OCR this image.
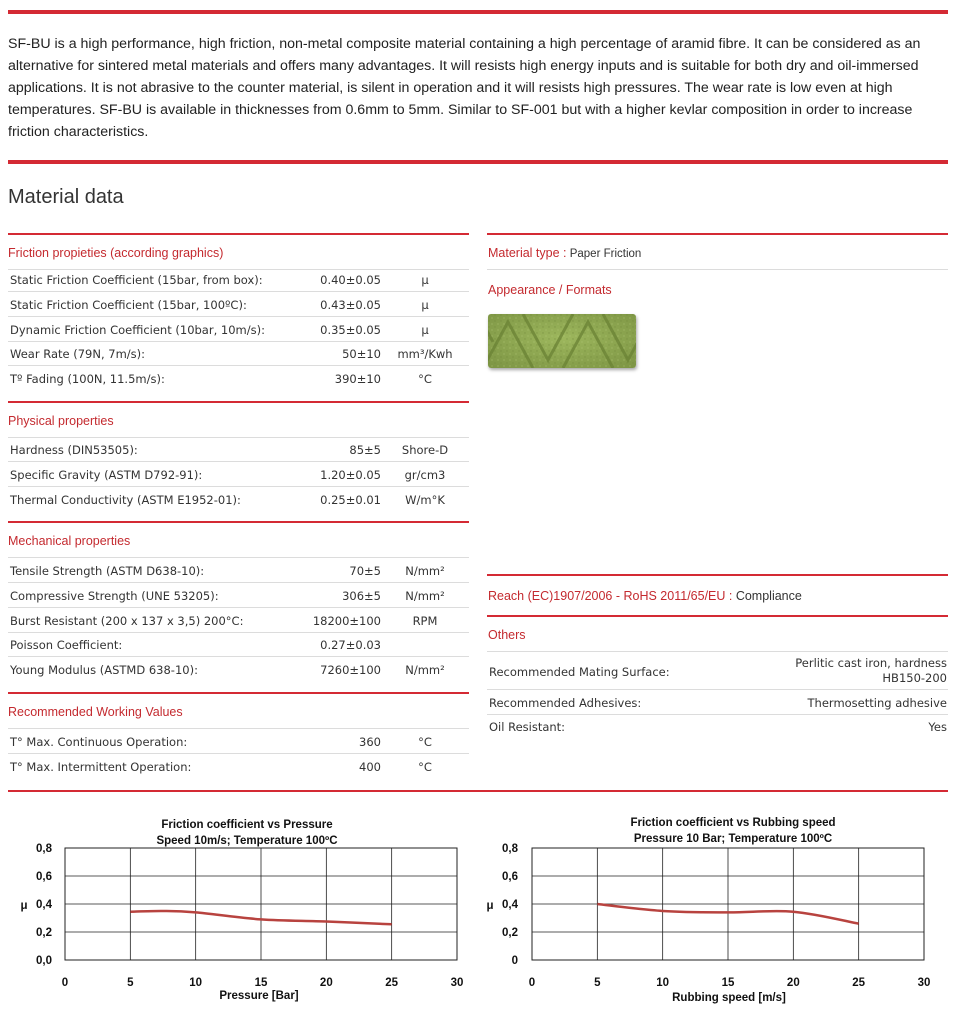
SF-BU is a high performance, high friction, non-metal composite material containing a high percentage of aramid fibre. It can be considered as an alternative for sintered metal materials and offers many advantages. It will resists high energy inputs and is suitable for both dry and oil-immersed applications. It is not abrasive to the counter material, is silent in operation and it will resists high pressures. The wear rate is low even at high temperatures. SF-BU is available in thicknesses from 0.6mm to 5mm. Similar to SF-001 but with a higher kevlar composition in order to increase friction characteristics.

Material data
Friction propieties (according graphics)
Static Friction Coefficient (15bar, from box):	0.40±0.05	μ
Static Friction Coefficient (15bar, 100ºC):	0.43±0.05	μ
Dynamic Friction Coefficient (10bar, 10m/s):	0.35±0.05	μ
Wear Rate (79N, 7m/s):	50±10	mm³/Kwh
Tº Fading (100N, 11.5m/s):	390±10	°C
Physical properties
Hardness (DIN53505):	85±5	Shore-D
Specific Gravity (ASTM D792-91):	1.20±0.05	gr/cm3
Thermal Conductivity (ASTM E1952-01):	0.25±0.01	W/m°K
Mechanical properties
Tensile Strength (ASTM D638-10):	70±5	N/mm²
Compressive Strength (UNE 53205):	306±5	N/mm²
Burst Resistant (200 x 137 x 3,5) 200°C:	18200±100	RPM
Poisson Coefficient:	0.27±0.03
Young Modulus (ASTMD 638-10):	7260±100	N/mm²
Recommended Working Values
T° Max. Continuous Operation:	360	°C
T° Max. Intermittent Operation:	400	°C
Material type : Paper Friction
Appearance / Formats
Reach (EC)1907/2006 - RoHS 2011/65/EU : Compliance
Others
Recommended Mating Surface:
Perlitic cast iron, hardness
HB150-200
Recommended Adhesives:	Thermosetting adhesive
Oil Resistant:	Yes
Friction coefficient vs Pressure
Speed 10m/s; Temperature 100ºC
0	5	10	15	20	25	30
0,0
0,2
0,4
0,6
0,8
μ
Pressure [Bar]
Friction coefficient vs Rubbing speed
Pressure 10 Bar; Temperature 100ºC
0	5	10	15	20	25	30
0
0,2
0,4
0,6
0,8
μ
Rubbing speed [m/s]
